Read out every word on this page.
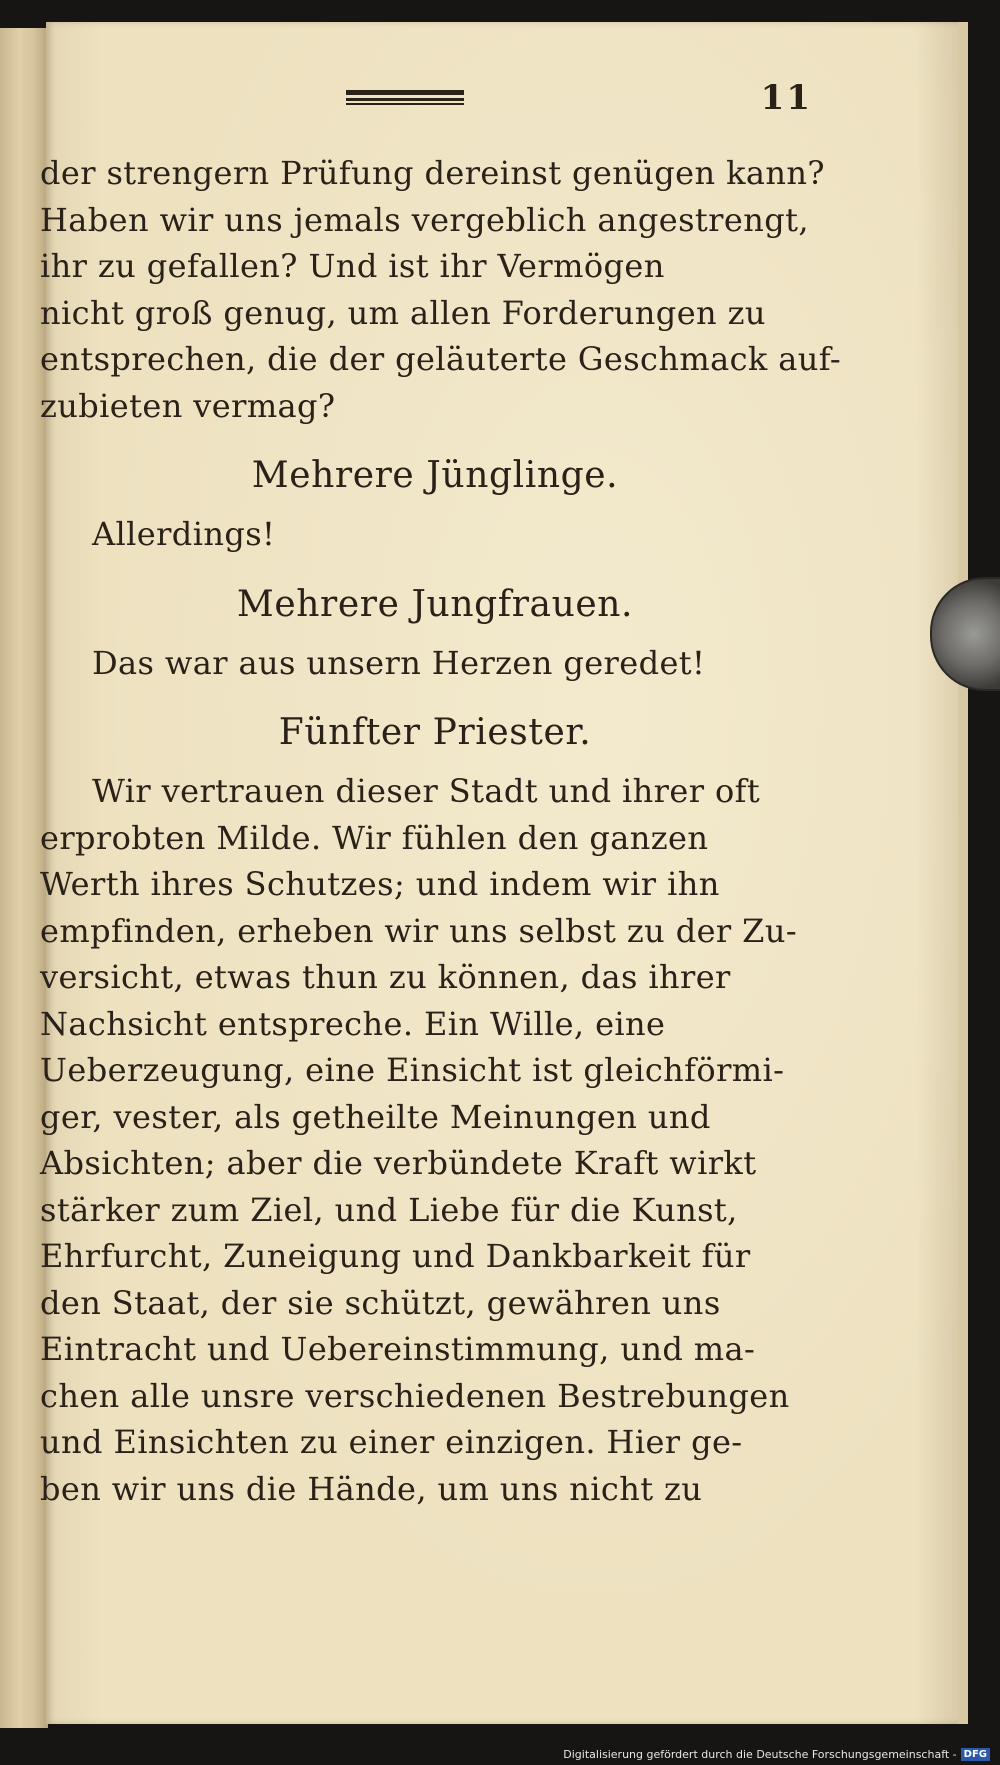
11
der strengern Prüfung dereinst genügen kann?
Haben wir uns jemals vergeblich angestrengt,
ihr zu gefallen? Und ist ihr Vermögen
nicht groß genug, um allen Forderungen zu
entsprechen, die der geläuterte Geschmack auf-
zubieten vermag?
Mehrere Jünglinge.
Allerdings!
Mehrere Jungfrauen.
Das war aus unsern Herzen geredet!
Fünfter Priester.
Wir vertrauen dieser Stadt und ihrer oft
erprobten Milde. Wir fühlen den ganzen
Werth ihres Schutzes; und indem wir ihn
empfinden, erheben wir uns selbst zu der Zu-
versicht, etwas thun zu können, das ihrer
Nachsicht entspreche. Ein Wille, eine
Ueberzeugung, eine Einsicht ist gleichförmi-
ger, vester, als getheilte Meinungen und
Absichten; aber die verbündete Kraft wirkt
stärker zum Ziel, und Liebe für die Kunst,
Ehrfurcht, Zuneigung und Dankbarkeit für
den Staat, der sie schützt, gewähren uns
Eintracht und Uebereinstimmung, und ma-
chen alle unsre verschiedenen Bestrebungen
und Einsichten zu einer einzigen. Hier ge-
ben wir uns die Hände, um uns nicht zu
Digitalisierung gefördert durch die Deutsche Forschungsgemeinschaft - DFG
